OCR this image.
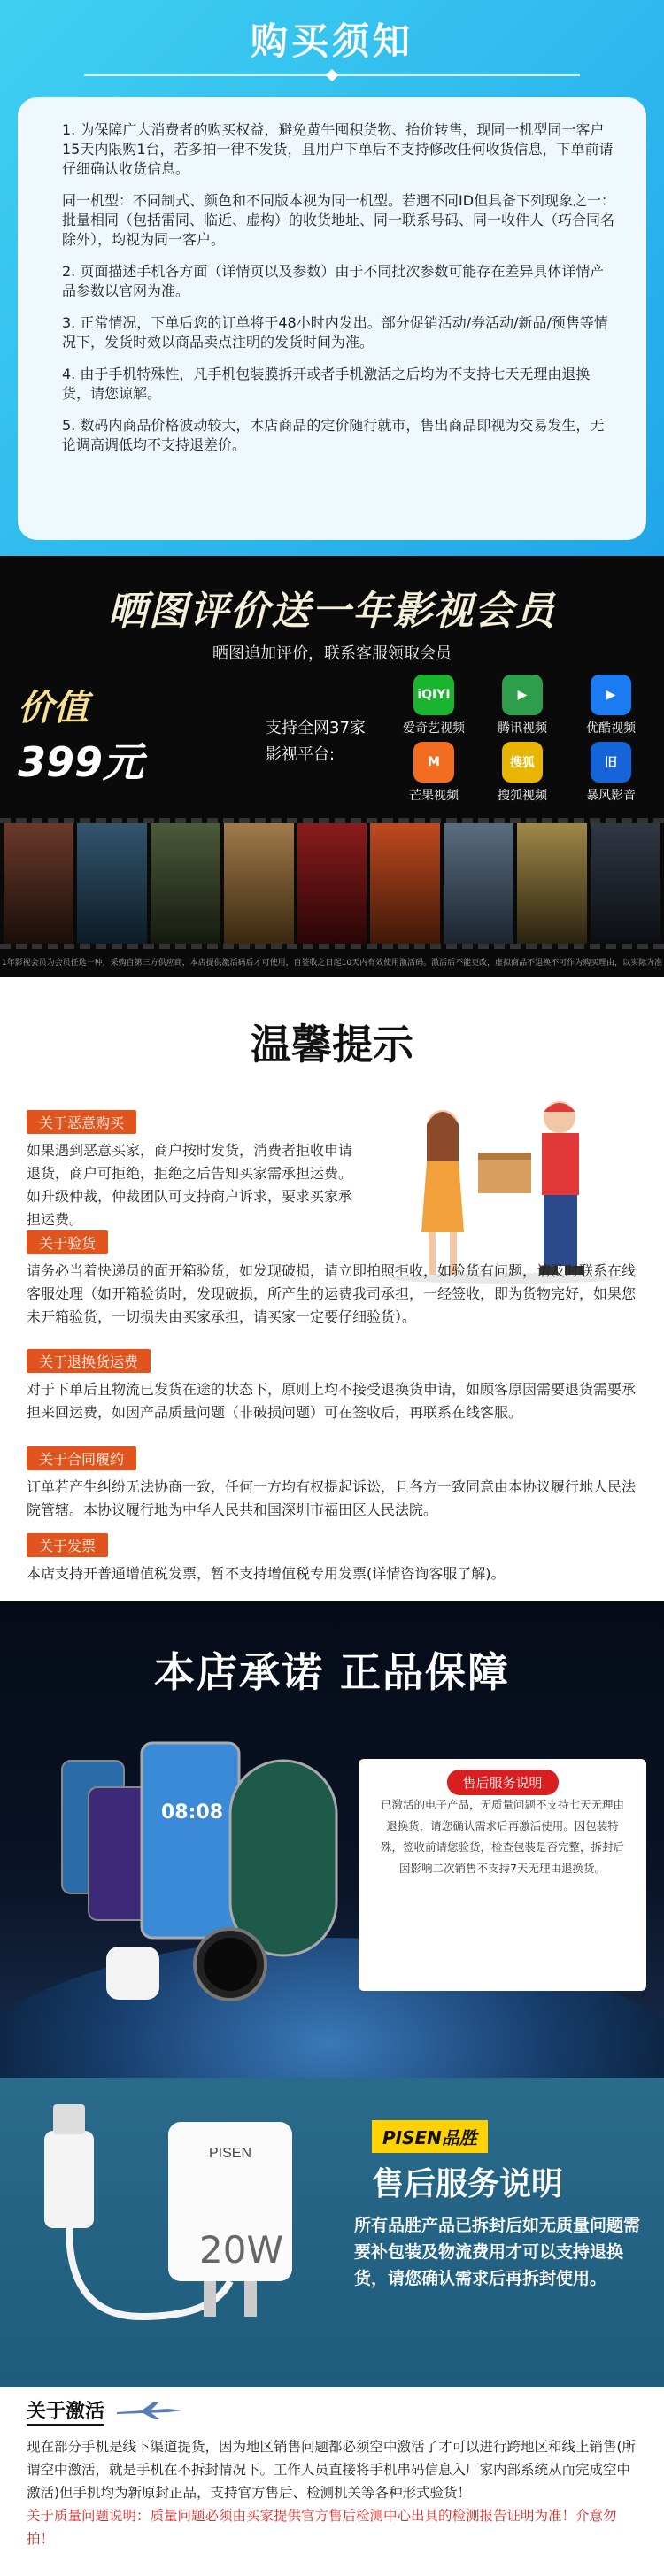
购买须知

1. 为保障广大消费者的购买权益，避免黄牛囤积货物、抬价转售，现同一机型同一客户15天内限购1台，若多拍一律不发货，且用户下单后不支持修改任何收货信息，下单前请仔细确认收货信息。

同一机型：不同制式、颜色和不同版本视为同一机型。若遇不同ID但具备下列现象之一：批量相同（包括雷同、临近、虚构）的收货地址、同一联系号码、同一收件人（巧合同名除外），均视为同一客户。

2. 页面描述手机各方面（详情页以及参数）由于不同批次参数可能存在差异具体详情产品参数以官网为准。

3. 正常情况，下单后您的订单将于48小时内发出。部分促销活动/券活动/新品/预售等情况下，发货时效以商品卖点注明的发货时间为准。

4. 由于手机特殊性，凡手机包装膜拆开或者手机激活之后均为不支持七天无理由退换货，请您谅解。

5. 数码内商品价格波动较大，本店商品的定价随行就市，售出商品即视为交易发生，无论调高调低均不支持退差价。

晒图评价送一年影视会员
晒图追加评价，联系客服领取会员
价值
399元
支持全网37家
影视平台:
iQIYI
爱奇艺视频
▶
腾讯视频
▶
优酷视频
M
芒果视频
搜狐
搜狐视频
旧
暴风影音
1年影视会员为会员任选一种，采购自第三方供应商，本店提供激活码后才可使用，自签收之日起10天内有效使用激活码。激活后不能更改，虚拟商品不退换不可作为购买理由，以实际为准
温馨提示
关于恶意购买
如果遇到恶意买家，商户按时发货，消费者拒收申请退货，商户可拒绝，拒绝之后告知买家需承担运费。如升级仲裁，仲裁团队可支持商户诉求，要求买家承担运费。
关于验货
请务必当着快递员的面开箱验货，如发现破损，请立即拍照拒收，如验货有问题，请及时联系在线客服处理（如开箱验货时，发现破损，所产生的运费我司承担，一经签收，即为货物完好，如果您未开箱验货，一切损失由买家承担，请买家一定要仔细验货）。
关于退换货运费
对于下单后且物流已发货在途的状态下，原则上均不接受退换货申请，如顾客原因需要退货需要承担来回运费，如因产品质量问题（非破损问题）可在签收后，再联系在线客服。
关于合同履约
订单若产生纠纷无法协商一致，任何一方均有权提起诉讼，且各方一致同意由本协议履行地人民法院管辖。本协议履行地为中华人民共和国深圳市福田区人民法院。
关于发票
本店支持开普通增值税发票，暂不支持增值税专用发票(详情咨询客服了解)。
本店承诺 正品保障
08:08
售后服务说明
已激活的电子产品，无质量问题不支持七天无理由退换货，请您确认需求后再激活使用。因包装特殊，签收前请您验货，检查包装是否完整，拆封后因影响二次销售不支持7天无理由退换货。
PISEN
20W
PISEN品胜
售后服务说明
所有品胜产品已拆封后如无质量问题需要补包装及物流费用才可以支持退换货，请您确认需求后再拆封使用。
关于激活

现在部分手机是线下渠道提货，因为地区销售问题都必须空中激活了才可以进行跨地区和线上销售(所谓空中激活，就是手机在不拆封情况下。工作人员直接将手机串码信息入厂家内部系统从而完成空中激活)但手机均为新原封正品，支持官方售后、检测机关等各种形式验货！

关于质量问题说明：质量问题必须由买家提供官方售后检测中心出具的检测报告证明为准！介意勿拍！
